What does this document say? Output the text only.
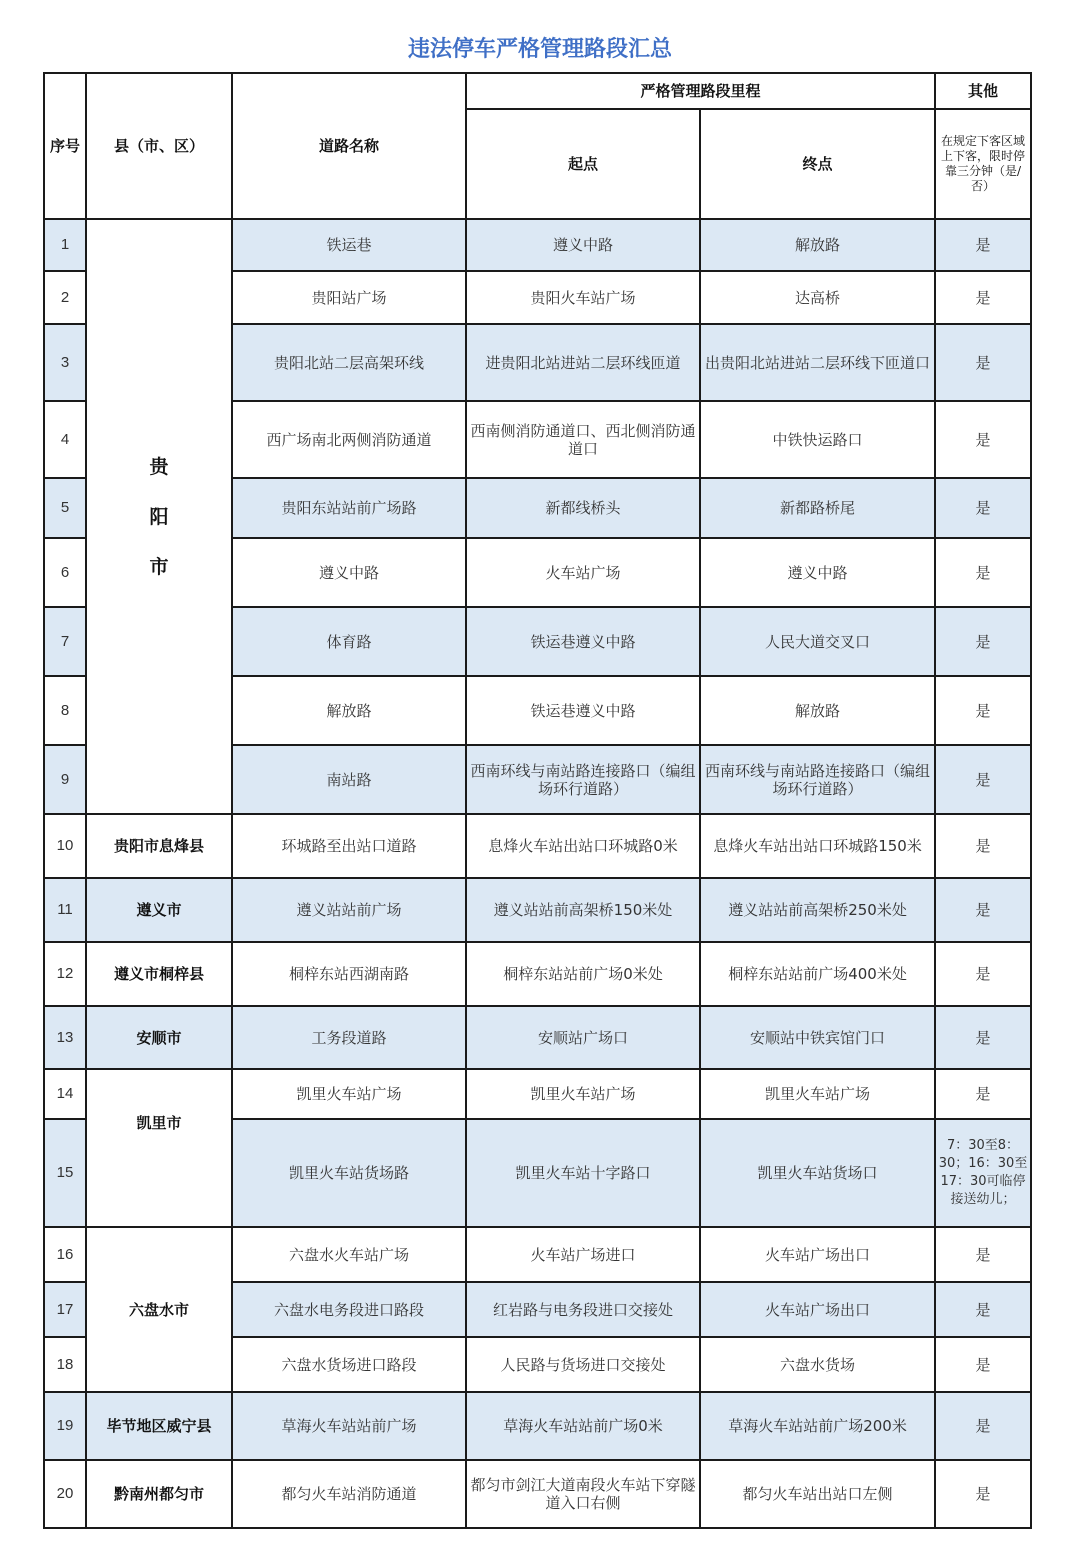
违法停车严格管理路段汇总
序号	县（市、区）	道路名称	严格管理路段里程		其他
			起点	终点	在规定下客区域上下客，限时停靠三分钟（是/否）
1	贵
阳
市	铁运巷	遵义中路	解放路	是
2		贵阳站广场	贵阳火车站广场	达高桥	是
3		贵阳北站二层高架环线	进贵阳北站进站二层环线匝道	出贵阳北站进站二层环线下匝道口	是
4		西广场南北两侧消防通道	西南侧消防通道口、西北侧消防通道口	中铁快运路口	是
5		贵阳东站站前广场路	新都线桥头	新都路桥尾	是
6		遵义中路	火车站广场	遵义中路	是
7		体育路	铁运巷遵义中路	人民大道交叉口	是
8		解放路	铁运巷遵义中路	解放路	是
9		南站路	西南环线与南站路连接路口（编组场环行道路）	西南环线与南站路连接路口（编组场环行道路）	是
10	贵阳市息烽县	环城路至出站口道路	息烽火车站出站口环城路0米	息烽火车站出站口环城路150米	是
11	遵义市	遵义站站前广场	遵义站站前高架桥150米处	遵义站站前高架桥250米处	是
12	遵义市桐梓县	桐梓东站西湖南路	桐梓东站站前广场0米处	桐梓东站站前广场400米处	是
13	安顺市	工务段道路	安顺站广场口	安顺站中铁宾馆门口	是
14	凯里市	凯里火车站广场	凯里火车站广场	凯里火车站广场	是
15		凯里火车站货场路	凯里火车站十字路口	凯里火车站货场口	7：30至8：30；16：30至17：30可临停接送幼儿；
16	六盘水市	六盘水火车站广场	火车站广场进口	火车站广场出口	是
17		六盘水电务段进口路段	红岩路与电务段进口交接处	火车站广场出口	是
18		六盘水货场进口路段	人民路与货场进口交接处	六盘水货场	是
19	毕节地区威宁县	草海火车站站前广场	草海火车站站前广场0米	草海火车站站前广场200米	是
20	黔南州都匀市	都匀火车站消防通道	都匀市剑江大道南段火车站下穿隧道入口右侧	都匀火车站出站口左侧	是
